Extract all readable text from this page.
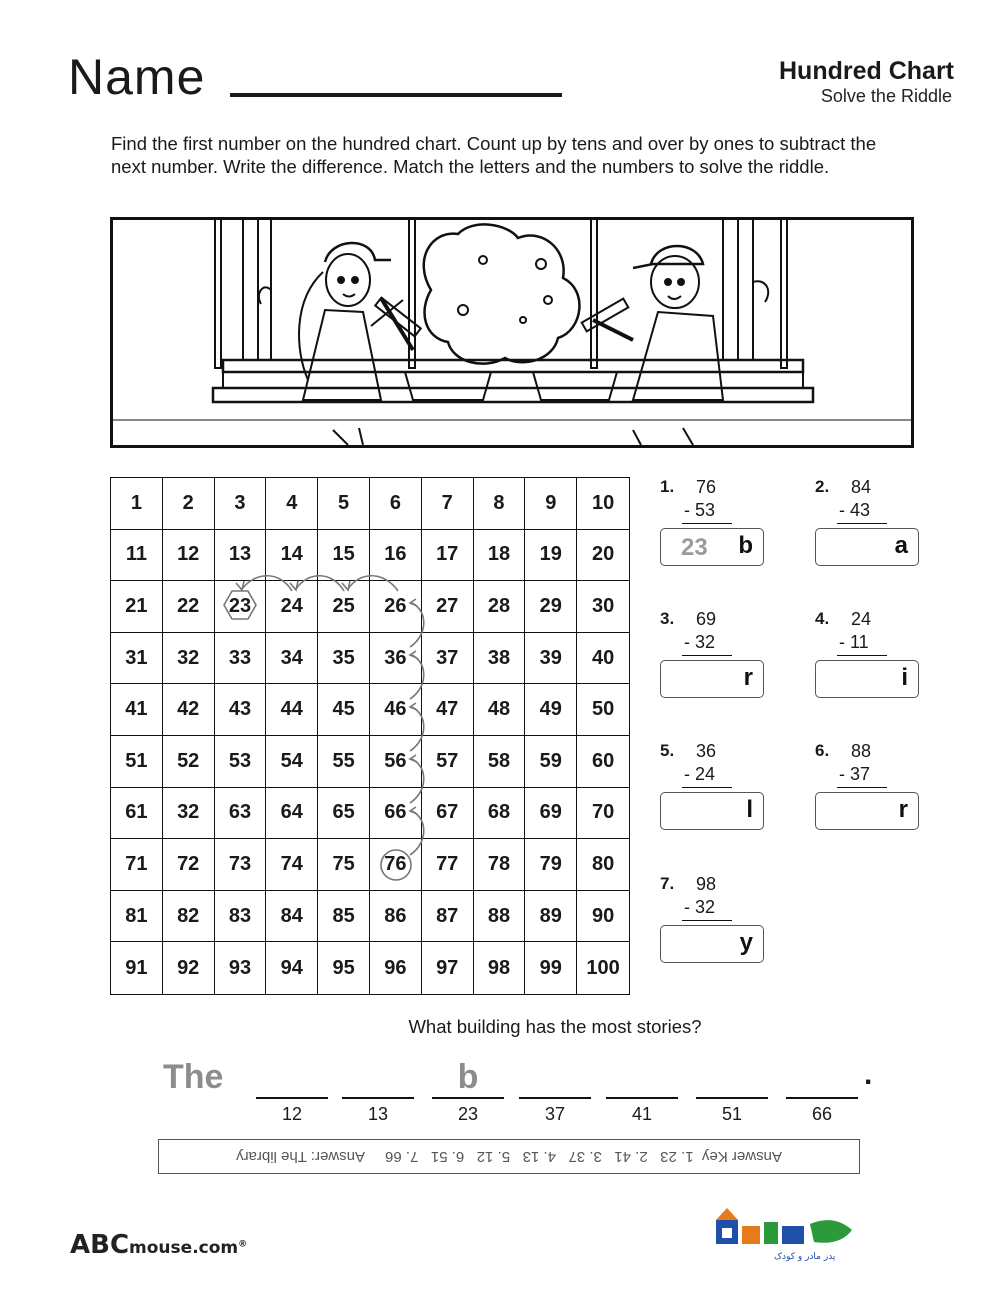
Name	Hundred Chart
Solve the Riddle
Find the first number on the hundred chart. Count up by tens and over by ones to subtract the next number. Write the difference. Match the letters and the numbers to solve the riddle.
1	2	3	4	5	6	7	8	9	10
11	12	13	14	15	16	17	18	19	20
21	22	23	24	25	26	27	28	29	30
31	32	33	34	35	36	37	38	39	40
41	42	43	44	45	46	47	48	49	50
51	52	53	54	55	56	57	58	59	60
61	32	63	64	65	66	67	68	69	70
71	72	73	74	75	76	77	78	79	80
81	82	83	84	85	86	87	88	89	90
91	92	93	94	95	96	97	98	99	100
1. 76
- 53
23 b
2. 84
- 43
a
3. 69
- 32
r
4. 24
- 11
i
5. 36
- 24
l
6. 88
- 37
r
7. 98
- 32
y
What building has the most stories?
The
12	13
b
23	37	41	51	66
.
Answer Key  1. 23   2. 41   3. 37   4. 13   5. 12   6. 51   7. 66     Answer: The library
ABCmouse.com®
پدر مادر و کودک
